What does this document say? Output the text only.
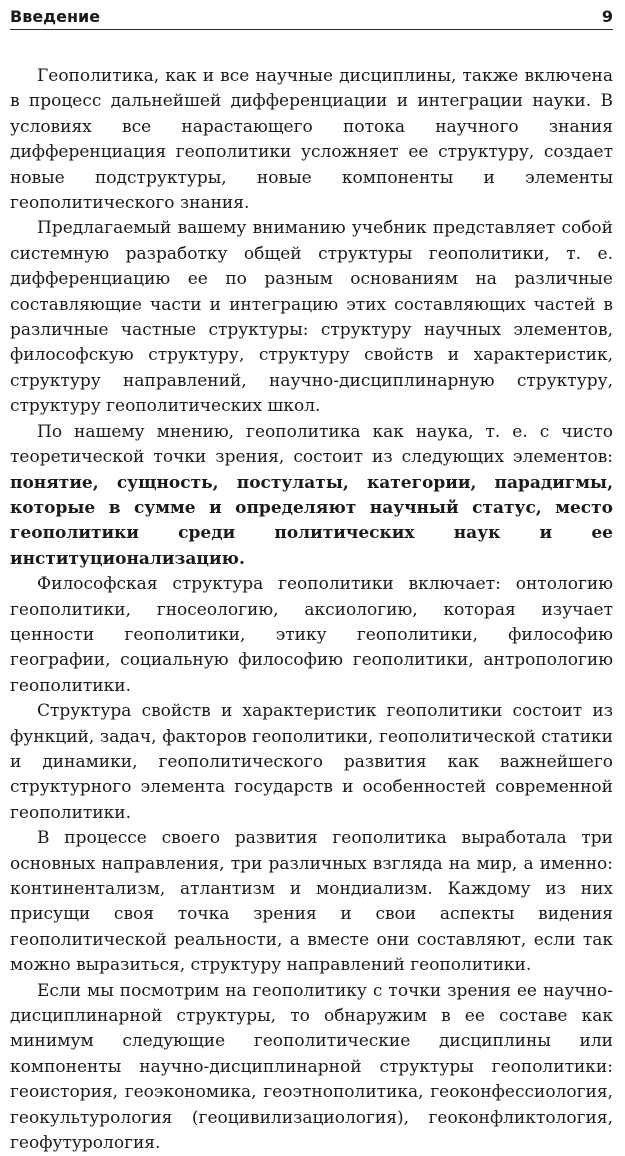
Введение	9

Геополитика, как и все научные дисциплины, также включена в процесс дальнейшей дифференциации и интеграции науки. В условиях все нарастающего потока научного знания дифференциация геополитики усложняет ее структуру, создает новые подструктуры, новые компоненты и элементы геополитического знания.

Предлагаемый вашему вниманию учебник представляет собой системную разработку общей структуры геополитики, т. е. дифференциацию ее по разным основаниям на различные составляющие части и интеграцию этих составляющих частей в различные частные структуры: структуру научных элементов, философскую структуру, структуру свойств и характеристик, структуру направлений, научно-дисциплинарную структуру, структуру геополитических школ.

По нашему мнению, геополитика как наука, т. е. с чисто теоретической точки зрения, состоит из следующих элементов: понятие, сущность, постулаты, категории, парадигмы, которые в сумме и определяют научный статус, место геополитики среди политических наук и ее институционализацию.

Философская структура геополитики включает: онтологию геополитики, гносеологию, аксиологию, которая изучает ценности геополитики, этику геополитики, философию географии, социальную философию геополитики, антропологию геополитики.

Структура свойств и характеристик геополитики состоит из функций, задач, факторов геополитики, геополитической статики и динамики, геополитического развития как важнейшего структурного элемента государств и особенностей современной геополитики.

В процессе своего развития геополитика выработала три основных направления, три различных взгляда на мир, а именно: континентализм, атлантизм и мондиализм. Каждому из них присущи своя точка зрения и свои аспекты видения геополитической реальности, а вместе они составляют, если так можно выразиться, структуру направлений геополитики.

Если мы посмотрим на геополитику с точки зрения ее научно-дисциплинарной структуры, то обнаружим в ее составе как минимум следующие геополитические дисциплины или компоненты научно-дисциплинарной структуры геополитики: геоистория, геоэкономика, геоэтнополитика, геоконфессиология, геокультурология (геоцивилизациология), геоконфликтология, геофутурология.
